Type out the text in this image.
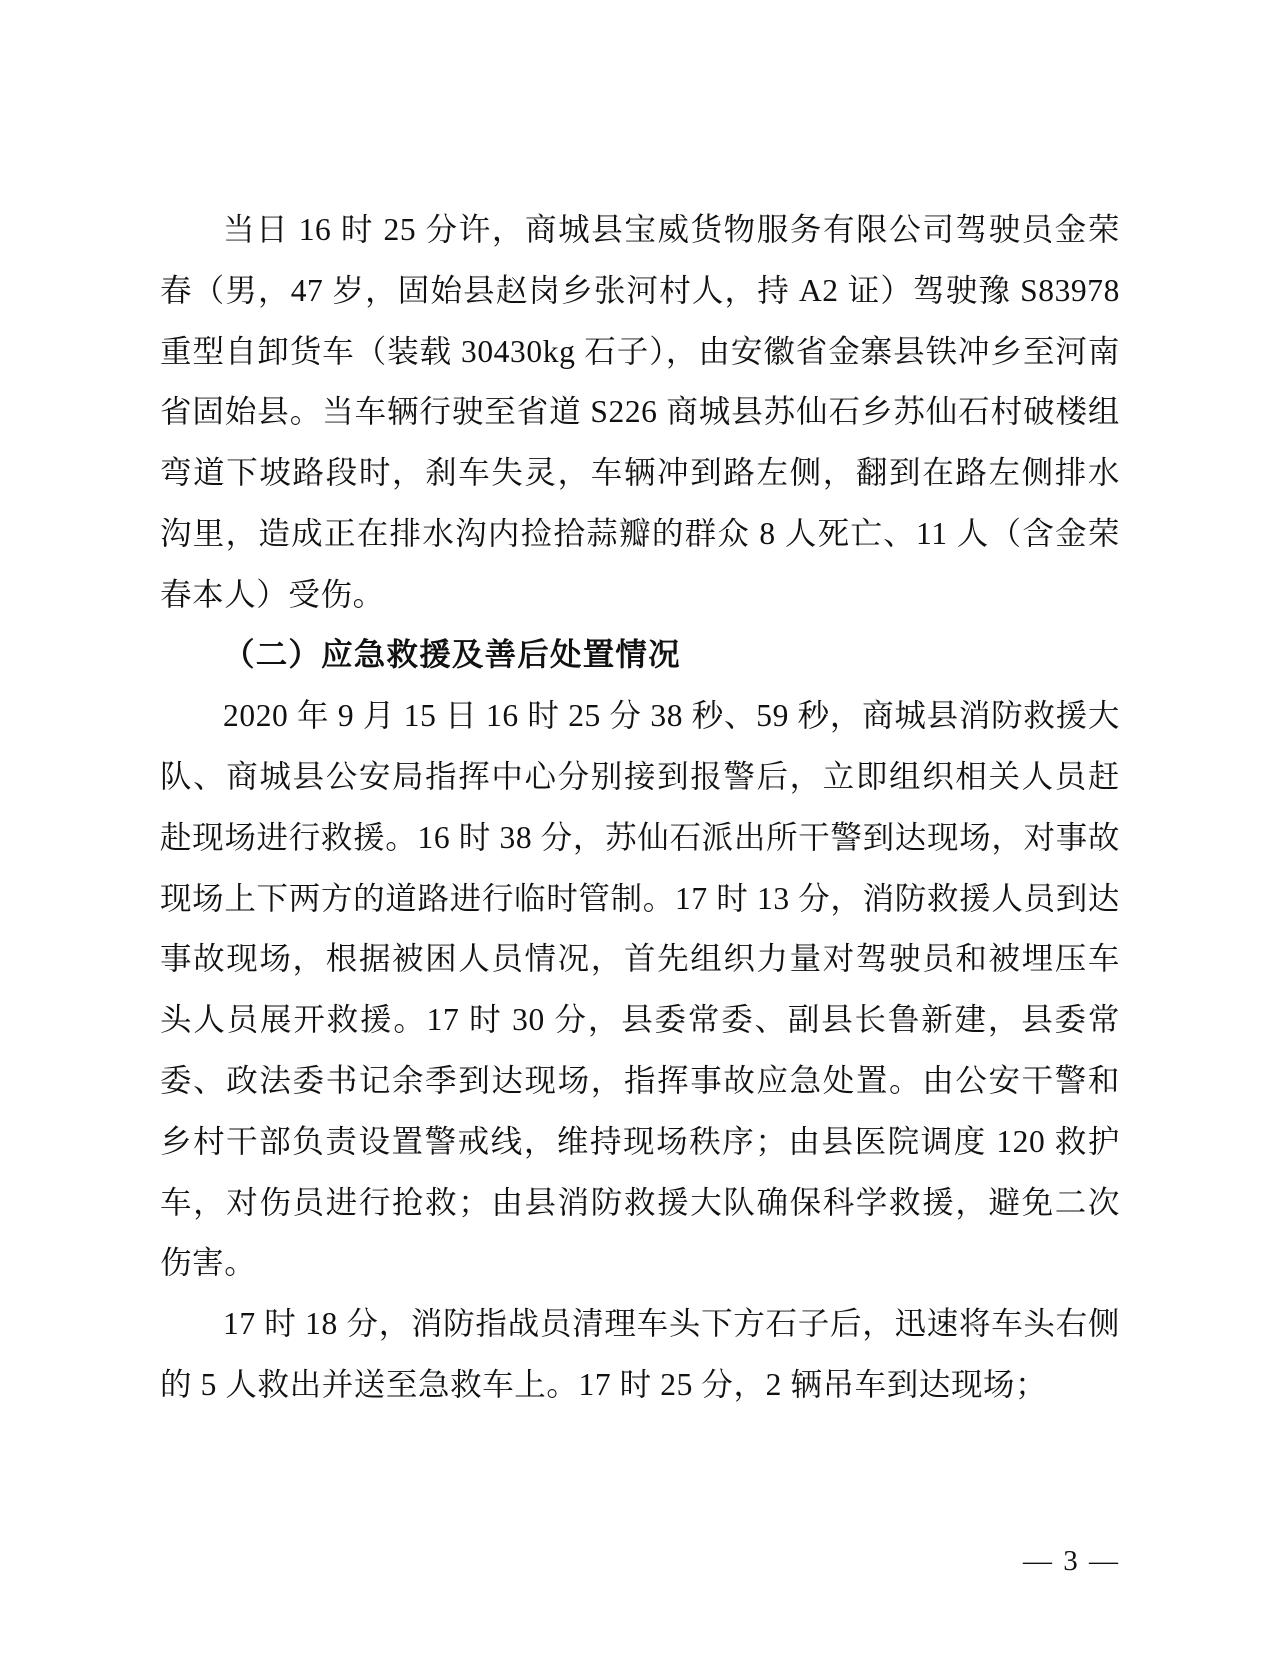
当日 16 时 25 分许，商城县宝威货物服务有限公司驾驶员金荣春（男，47 岁，固始县赵岗乡张河村人，持 A2 证）驾驶豫 S83978 重型自卸货车（装载 30430kg 石子），由安徽省金寨县铁冲乡至河南省固始县。当车辆行驶至省道 S226 商城县苏仙石乡苏仙石村破楼组弯道下坡路段时，刹车失灵，车辆冲到路左侧，翻到在路左侧排水沟里，造成正在排水沟内捡拾蒜瓣的群众 8 人死亡、11 人（含金荣春本人）受伤。

（二）应急救援及善后处置情况

2020 年 9 月 15 日 16 时 25 分 38 秒、59 秒，商城县消防救援大队、商城县公安局指挥中心分别接到报警后，立即组织相关人员赶赴现场进行救援。16 时 38 分，苏仙石派出所干警到达现场，对事故现场上下两方的道路进行临时管制。17 时 13 分，消防救援人员到达事故现场，根据被困人员情况，首先组织力量对驾驶员和被埋压车头人员展开救援。17 时 30 分，县委常委、副县长鲁新建，县委常委、政法委书记余季到达现场，指挥事故应急处置。由公安干警和乡村干部负责设置警戒线，维持现场秩序；由县医院调度 120 救护车，对伤员进行抢救；由县消防救援大队确保科学救援，避免二次伤害。

17 时 18 分，消防指战员清理车头下方石子后，迅速将车头右侧的 5 人救出并送至急救车上。17 时 25 分，2 辆吊车到达现场；

— 3 —
